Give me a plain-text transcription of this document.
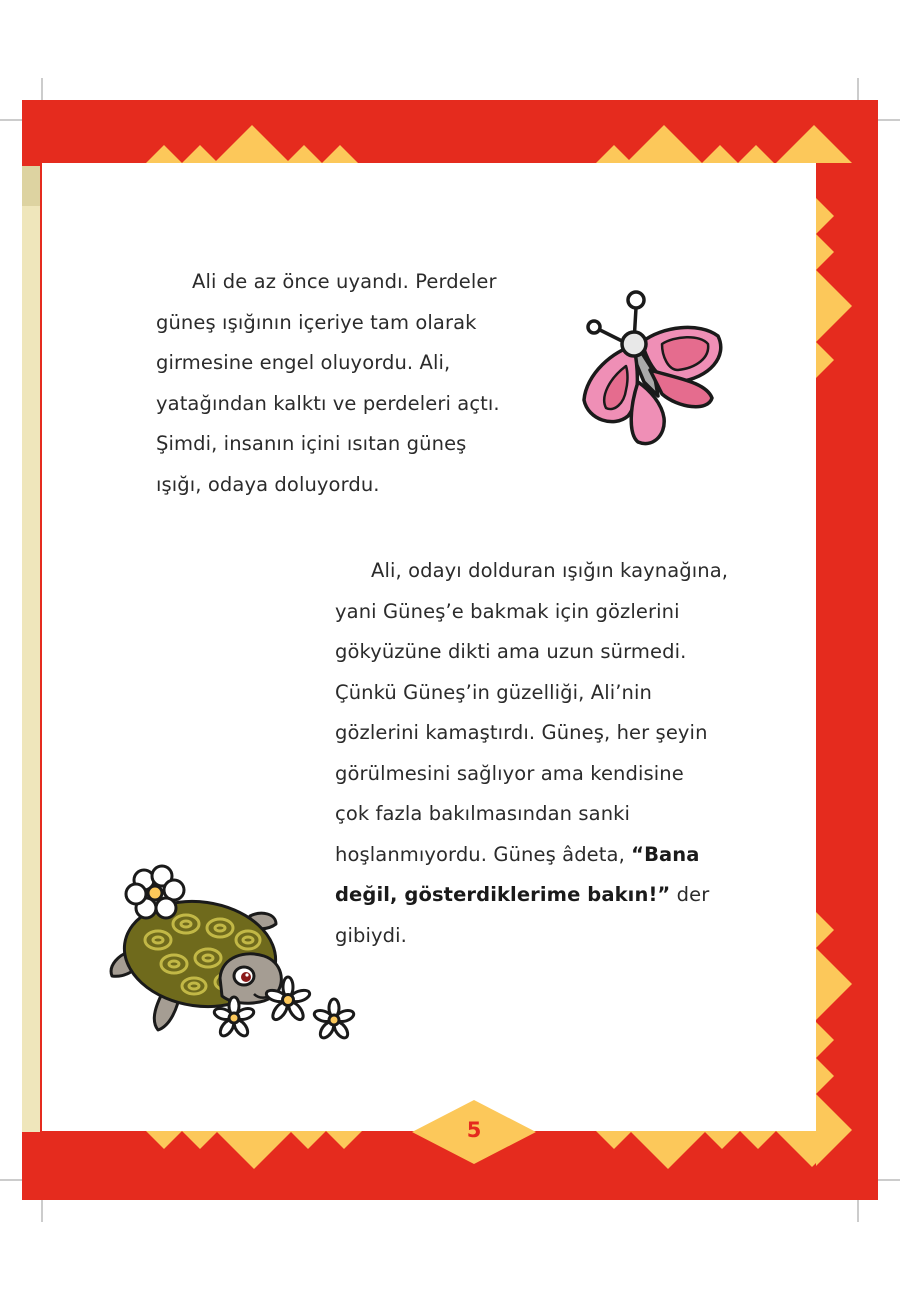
Ali de az önce uyandı. Perdeler
güneş ışığının içeriye tam olarak
girmesine engel oluyordu. Ali,
yatağından kalktı ve perdeleri açtı.
Şimdi, insanın içini ısıtan güneş
ışığı, odaya doluyordu.

Ali, odayı dolduran ışığın kaynağına,
yani Güneş’e bakmak için gözlerini
gökyüzüne dikti ama uzun sürmedi.
Çünkü Güneş’in güzelliği, Ali’nin
gözlerini kamaştırdı. Güneş, her şeyin
görülmesini sağlıyor ama kendisine
çok fazla bakılmasından sanki
hoşlanmıyordu. Güneş âdeta, “Bana
değil, gösterdiklerime bakın!” der
gibiydi.

5
